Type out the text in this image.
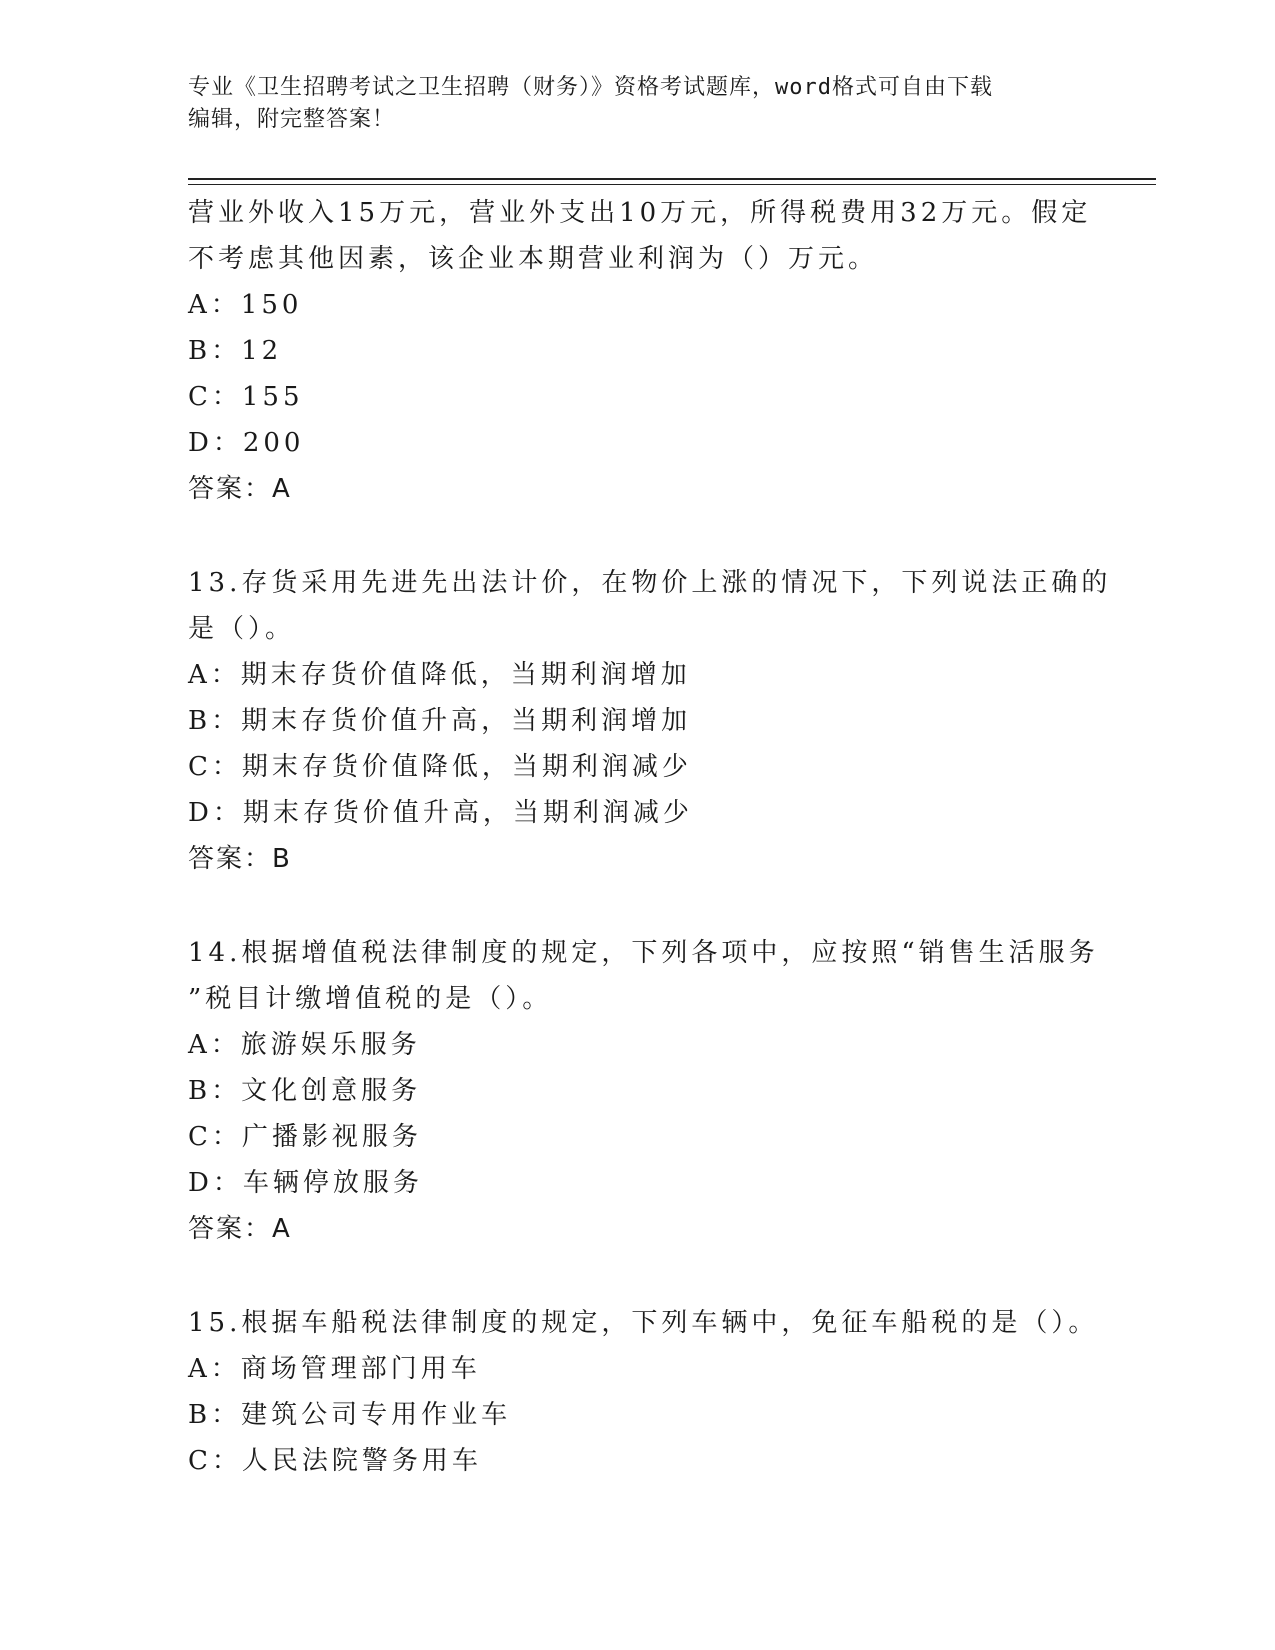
专业《卫生招聘考试之卫生招聘（财务）》资格考试题库，word格式可自由下载
编辑，附完整答案！
营业外收入15万元，营业外支出10万元，所得税费用32万元。假定
不考虑其他因素，该企业本期营业利润为（）万元。
A：150
B：12
C：155
D：200
答案：A
13.存货采用先进先出法计价，在物价上涨的情况下，下列说法正确的
是（）。
A：期末存货价值降低，当期利润增加
B：期末存货价值升高，当期利润增加
C：期末存货价值降低，当期利润减少
D：期末存货价值升高，当期利润减少
答案：B
14.根据增值税法律制度的规定，下列各项中，应按照“销售生活服务
”税目计缴增值税的是（）。
A：旅游娱乐服务
B：文化创意服务
C：广播影视服务
D：车辆停放服务
答案：A
15.根据车船税法律制度的规定，下列车辆中，免征车船税的是（）。
A：商场管理部门用车
B：建筑公司专用作业车
C：人民法院警务用车
